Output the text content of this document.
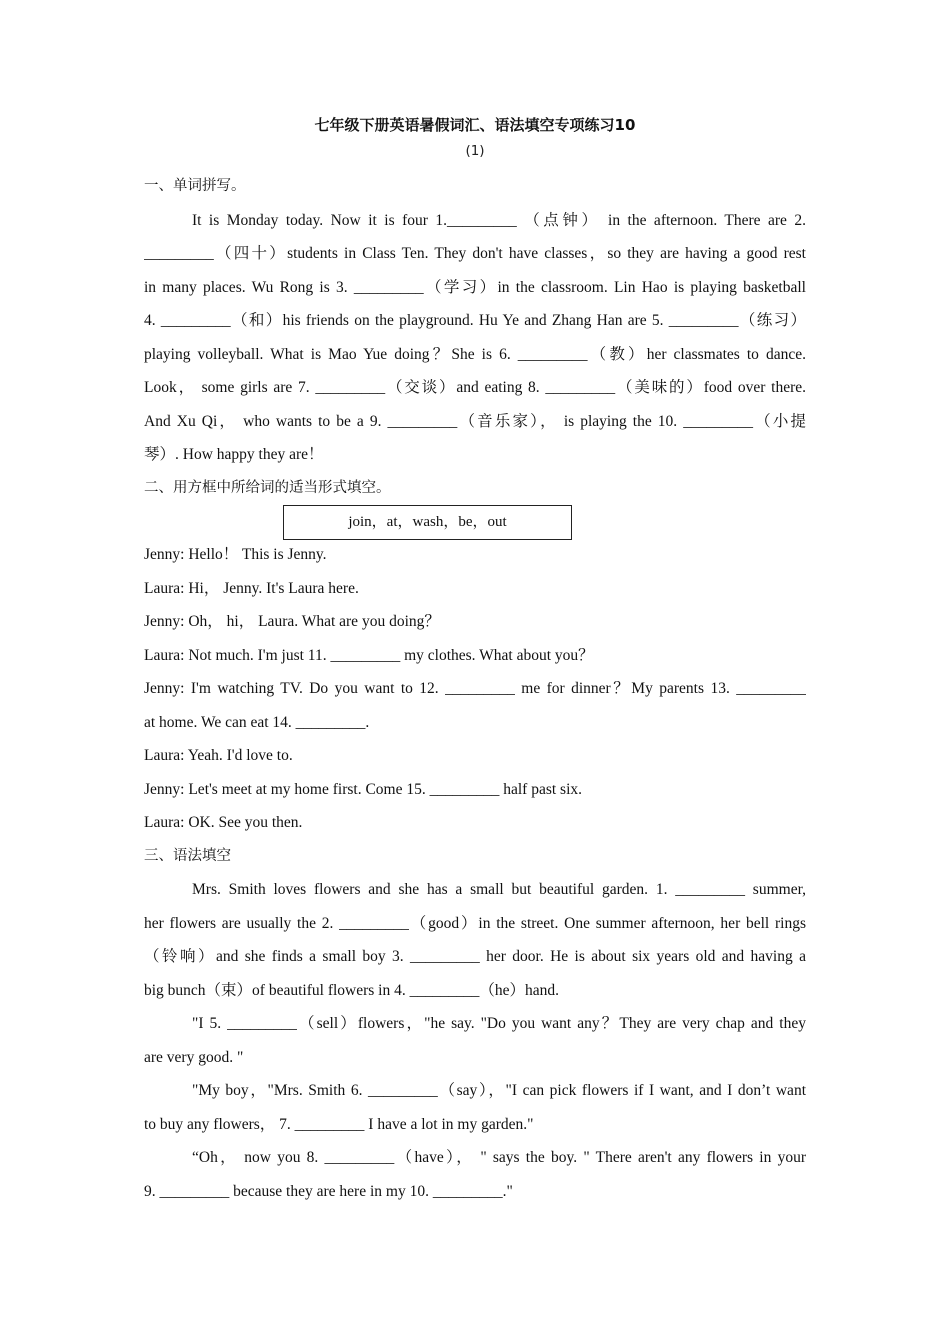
七年级下册英语暑假词汇、语法填空专项练习10
(1)
一、单词拼写。
It is Monday today. Now it is four 1._________ （点钟） in the afternoon. There are 2.
_________（四十）students in Class Ten. They don't have classes，so they are having a good rest
in many places. Wu Rong is 3. _________（学习）in the classroom. Lin Hao is playing basketball
4. _________（和）his friends on the playground. Hu Ye and Zhang Han are 5. _________（练习）
playing volleyball. What is Mao Yue doing？She is 6. _________（教）her classmates to dance.
Look， some girls are 7. _________（交谈）and eating 8. _________（美味的）food over there.
And Xu Qi， who wants to be a 9. _________（音乐家）， is playing the 10. _________（小提
琴）. How happy they are！
二、用方框中所给词的适当形式填空。
join，at，wash，be，out
Jenny: Hello！ This is Jenny.
Laura: Hi， Jenny. It's Laura here.
Jenny: Oh， hi， Laura. What are you doing？
Laura: Not much. I'm just 11. _________ my clothes. What about you？
Jenny: I'm watching TV. Do you want to 12. _________ me for dinner？My parents 13. _________
at home. We can eat 14. _________.
Laura: Yeah. I'd love to.
Jenny: Let's meet at my home first. Come 15. _________ half past six.
Laura: OK. See you then.
三、语法填空
Mrs. Smith loves flowers and she has a small but beautiful garden. 1. _________ summer,
her flowers are usually the 2. _________（good）in the street. One summer afternoon, her bell rings
（铃响）and she finds a small boy 3. _________ her door. He is about six years old and having a
big bunch（束）of beautiful flowers in 4. _________（he）hand.
"I 5. _________（sell）flowers，"he say. "Do you want any？They are very chap and they
are very good. "
"My boy，"Mrs. Smith 6. _________（say），"I can pick flowers if I want, and I don’t want
to buy any flowers， 7. _________ I have a lot in my garden."
“Oh， now you 8. _________（have）， " says the boy. " There aren't any flowers in your
9. _________ because they are here in my 10. _________."
